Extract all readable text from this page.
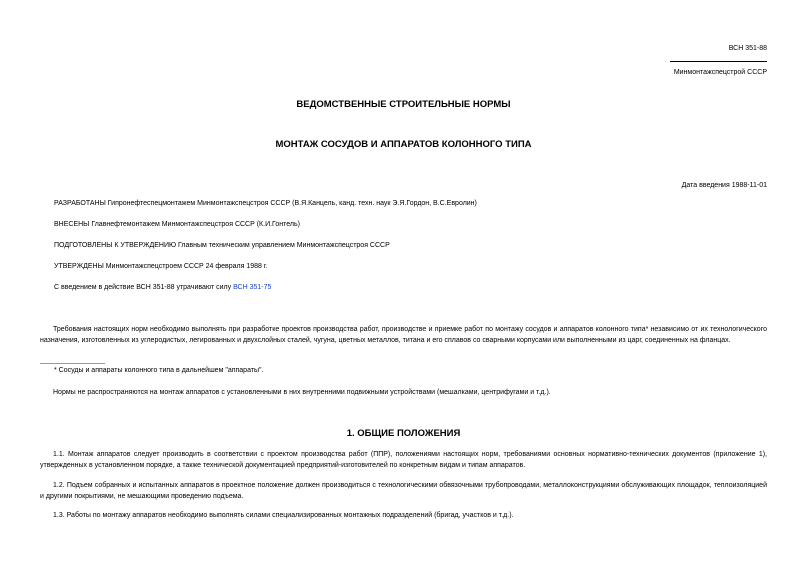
ВСН 351-88
Минмонтажспецстрой СССР
ВЕДОМСТВЕННЫЕ СТРОИТЕЛЬНЫЕ НОРМЫ
МОНТАЖ СОСУДОВ И АППАРАТОВ КОЛОННОГО ТИПА
Дата введения 1988-11-01
РАЗРАБОТАНЫ Гипронефтеспецмонтажем Минмонтажспецстроя СССР (В.Я.Канцель, канд. техн. наук Э.Я.Гордон, В.С.Евролин)
ВНЕСЕНЫ Главнефтемонтажем Минмонтажспецстроя СССР (К.И.Гонтель)
ПОДГОТОВЛЕНЫ К УТВЕРЖДЕНИЮ Главным техническим управлением Минмонтажспецстроя СССР
УТВЕРЖДЕНЫ Минмонтажспецстроем СССР 24 февраля 1988 г.
С введением в действие ВСН 351-88 утрачивают силу ВСН 351-75
Требования настоящих норм необходимо выполнять при разработке проектов производства работ, производстве и приемке работ по монтажу сосудов и аппаратов колонного типа* независимо от их технологического назначения, изготовленных из углеродистых, легированных и двухслойных сталей, чугуна, цветных металлов, титана и его сплавов со сварными корпусами или выполненными из царг, соединенных на фланцах.
* Сосуды и аппараты колонного типа в дальнейшем "аппараты".
Нормы не распространяются на монтаж аппаратов с установленными в них внутренними подвижными устройствами (мешалками, центрифугами и т.д.).
1. ОБЩИЕ ПОЛОЖЕНИЯ
1.1. Монтаж аппаратов следует производить в соответствии с проектом производства работ (ППР), положениями настоящих норм, требованиями основных нормативно-технических документов (приложение 1), утвержденных в установленном порядке, а также технической документацией предприятий-изготовителей по конкретным видам и типам аппаратов.
1.2. Подъем собранных и испытанных аппаратов в проектное положение должен производиться с технологическими обвязочными трубопроводами, металлоконструкциями обслуживающих площадок, теплоизоляцией и другими покрытиями, не мешающими проведению подъема.
1.3. Работы по монтажу аппаратов необходимо выполнять силами специализированных монтажных подразделений (бригад, участков и т.д.).
